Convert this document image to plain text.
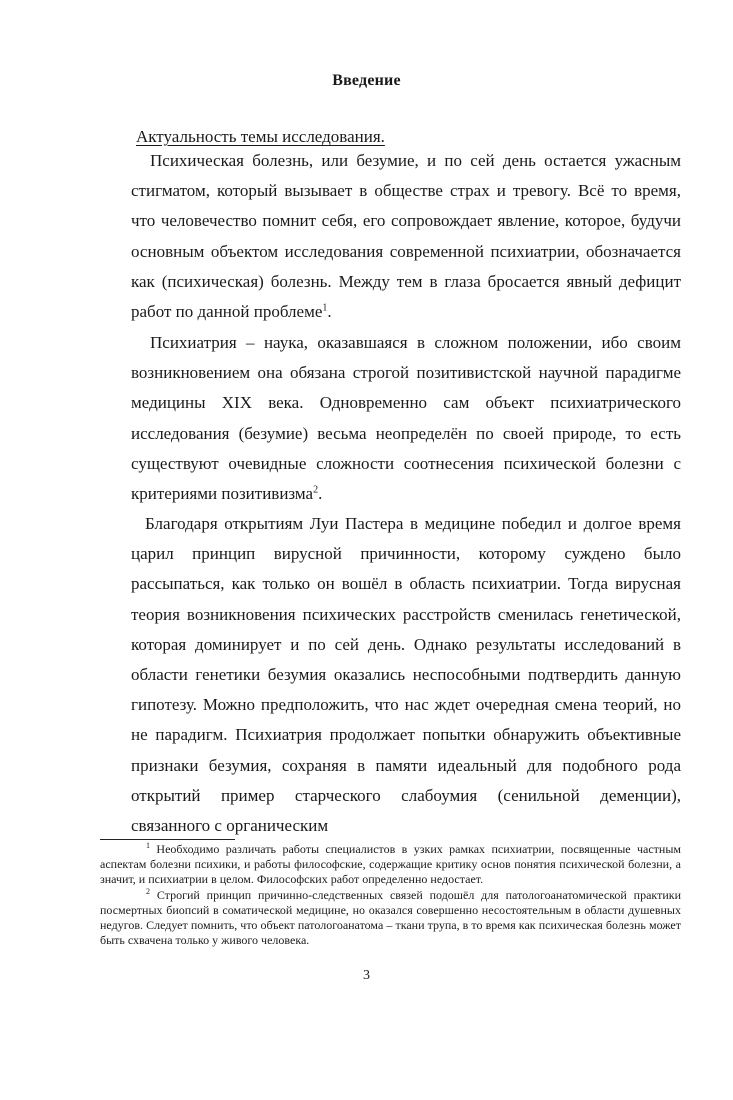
Введение
Актуальность темы исследования.

Психическая болезнь, или безумие, и по сей день остается ужасным стигматом, который вызывает в обществе страх и тревогу. Всё то время, что человечество помнит себя, его сопровождает явление, которое, будучи основным объектом исследования современной психиатрии, обозначается как (психическая) болезнь. Между тем в глаза бросается явный дефицит работ по данной проблеме$^1$.

Психиатрия – наука, оказавшаяся в сложном положении, ибо своим возникновением она обязана строгой позитивистской научной парадигме медицины XIX века. Одновременно сам объект психиатрического исследования (безумие) весьма неопределён по своей природе, то есть существуют очевидные сложности соотнесения психической болезни с критериями позитивизма$^2$.

Благодаря открытиям Луи Пастера в медицине победил и долгое время царил принцип вирусной причинности, которому суждено было рассыпаться, как только он вошёл в область психиатрии. Тогда вирусная теория возникновения психических расстройств сменилась генетической, которая доминирует и по сей день. Однако результаты исследований в области генетики безумия оказались неспособными подтвердить данную гипотезу. Можно предположить, что нас ждет очередная смена теорий, но не парадигм. Психиатрия продолжает попытки обнаружить объективные признаки безумия, сохраняя в памяти идеальный для подобного рода открытий пример старческого слабоумия (сенильной деменции), связанного с органическим

$^1$ Необходимо различать работы специалистов в узких рамках психиатрии, посвященные частным аспектам болезни психики, и работы философские, содержащие критику основ понятия психической болезни, а значит, и психиатрии в целом. Философских работ определенно недостает.

$^2$ Строгий принцип причинно-следственных связей подошёл для патологоанатомической практики посмертных биопсий в соматической медицине, но оказался совершенно несостоятельным в области душевных недугов. Следует помнить, что объект патологоанатома – ткани трупа, в то время как психическая болезнь может быть схвачена только у живого человека.

3
